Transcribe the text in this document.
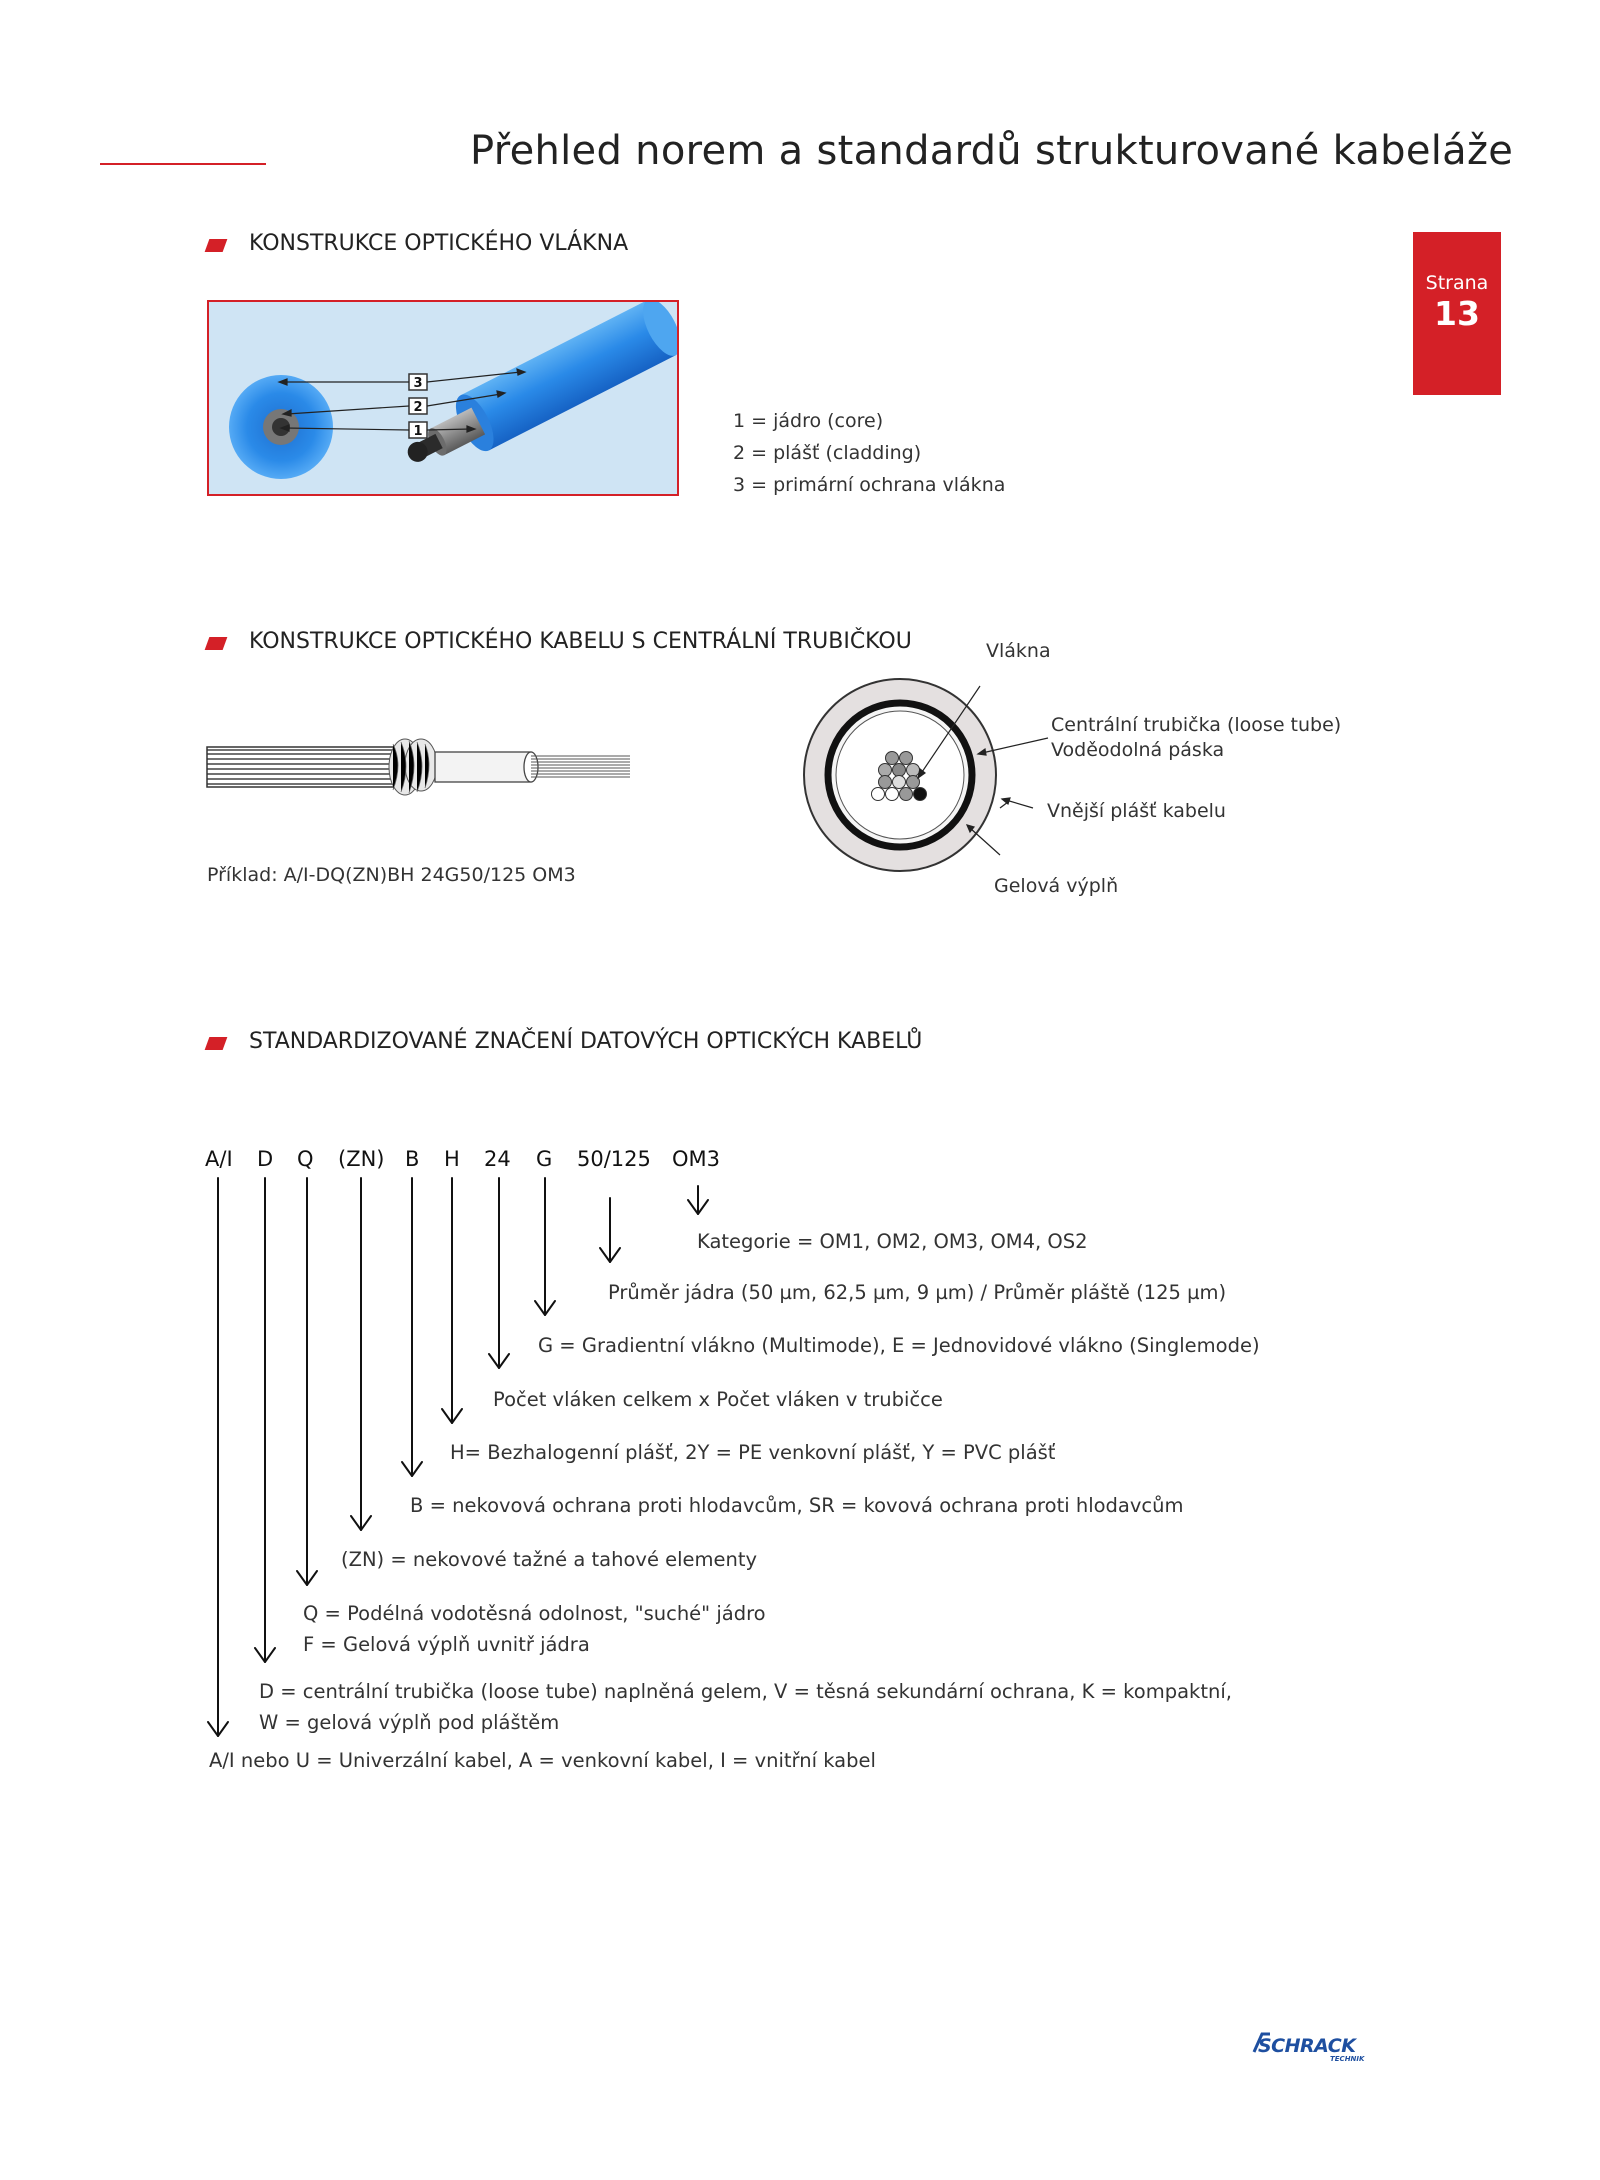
Přehled norem a standardů strukturované kabeláže
Strana
13
KONSTRUKCE OPTICKÉHO VLÁKNA
3
2
1	1 = jádro (core)
2 = plášť (cladding)
3 = primární ochrana vlákna
KONSTRUKCE OPTICKÉHO KABELU S CENTRÁLNÍ TRUBIČKOU
Příklad: A/I-DQ(ZN)BH 24G50/125 OM3
Vlákna
Centrální trubička (loose tube)
Voděodolná páska
Vnější plášť kabelu
Gelová výplň
STANDARDIZOVANÉ ZNAČENÍ DATOVÝCH OPTICKÝCH KABELŮ
A/I D Q (ZN) B H 24 G 50/125 OM3
Kategorie = OM1, OM2, OM3, OM4, OS2
Průměr jádra (50 µm, 62,5 µm, 9 µm) / Průměr pláště (125 µm)
G = Gradientní vlákno (Multimode), E = Jednovidové vlákno (Singlemode)
Počet vláken celkem x Počet vláken v trubičce
H= Bezhalogenní plášť, 2Y = PE venkovní plášť, Y = PVC plášť
B = nekovová ochrana proti hlodavcům, SR = kovová ochrana proti hlodavcům
(ZN) = nekovové tažné a tahové elementy
Q = Podélná vodotěsná odolnost, "suché" jádro
F = Gelová výplň uvnitř jádra
D = centrální trubička (loose tube) naplněná gelem, V = těsná sekundární ochrana, K = kompaktní,
W = gelová výplň pod pláštěm
A/I nebo U = Univerzální kabel, A = venkovní kabel, I = vnitřní kabel
SCHRACK
TECHNIK
